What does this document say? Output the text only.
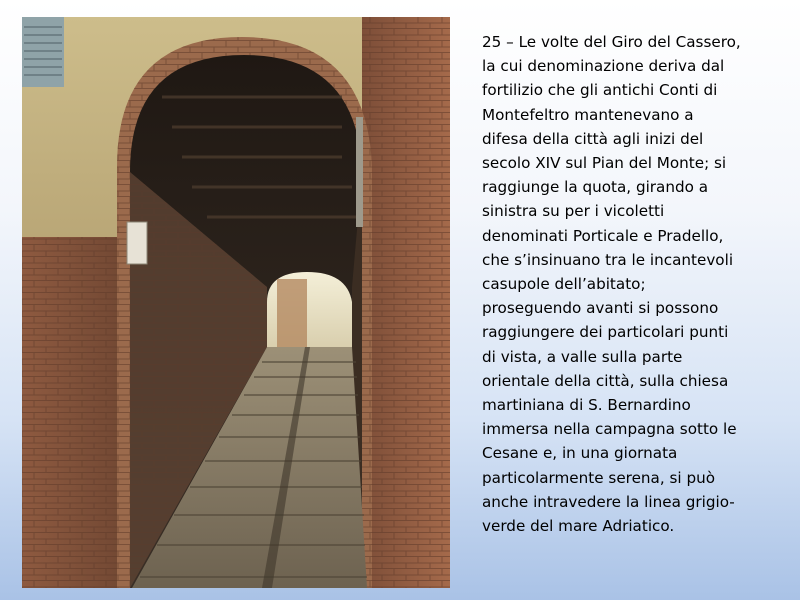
25 – Le volte del Giro del Cassero,
la cui denominazione deriva dal
fortilizio che gli antichi Conti di
Montefeltro mantenevano a
difesa della città agli inizi del
secolo XIV sul Pian del Monte; si
raggiunge la quota, girando a
sinistra su per i vicoletti
denominati Porticale e Pradello,
che s’insinuano tra le incantevoli
casupole dell’abitato;
proseguendo avanti si possono
raggiungere dei particolari punti
di vista, a valle sulla parte
orientale della città, sulla chiesa
martiniana di S. Bernardino
immersa nella campagna sotto le
Cesane e, in una giornata
particolarmente serena, si può
anche intravedere la linea grigio-
verde del mare Adriatico.
